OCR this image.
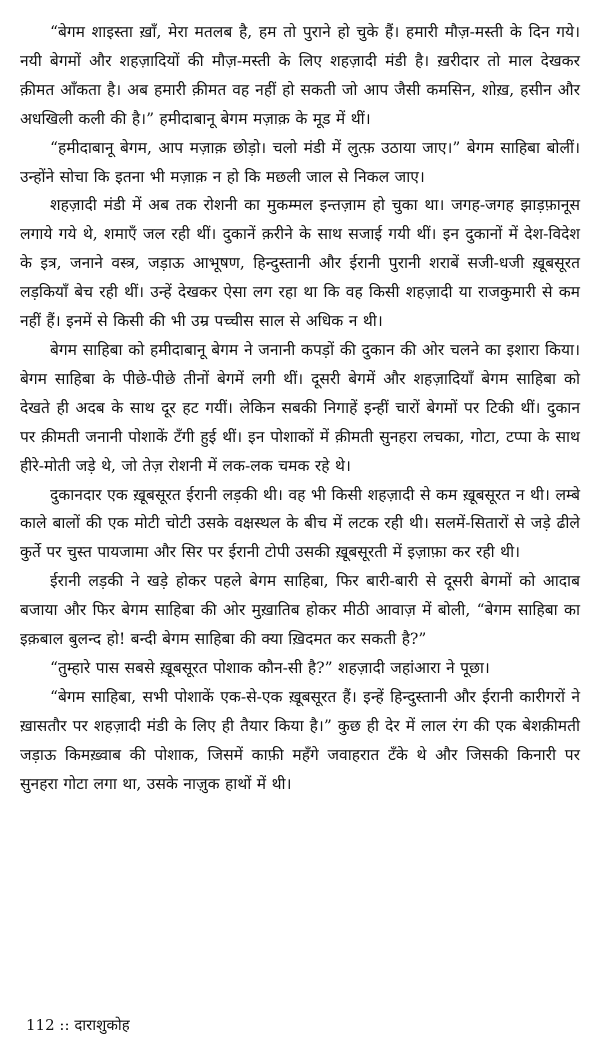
“बेगम शाइस्ता ख़ाँ, मेरा मतलब है, हम तो पुराने हो चुके हैं। हमारी मौज़-मस्ती के दिन गये। नयी बेगमों और शहज़ादियों की मौज़-मस्ती के लिए शहज़ादी मंडी है। ख़रीदार तो माल देखकर क़ीमत आँकता है। अब हमारी क़ीमत वह नहीं हो सकती जो आप जैसी कमसिन, शोख़, हसीन और अधखिली कली की है।” हमीदाबानू बेगम मज़ाक़ के मूड में थीं।

“हमीदाबानू बेगम, आप मज़ाक़ छोड़ो। चलो मंडी में लुत्फ़ उठाया जाए।” बेगम साहिबा बोलीं। उन्होंने सोचा कि इतना भी मज़ाक़ न हो कि मछली जाल से निकल जाए।

शहज़ादी मंडी में अब तक रोशनी का मुकम्मल इन्तज़ाम हो चुका था। जगह-जगह झाड़फ़ानूस लगाये गये थे, शमाएँ जल रही थीं। दुकानें क़रीने के साथ सजाई गयी थीं। इन दुकानों में देश-विदेश के इत्र, जनाने वस्त्र, जड़ाऊ आभूषण, हिन्दुस्तानी और ईरानी पुरानी शराबें सजी-धजी ख़ूबसूरत लड़कियाँ बेच रही थीं। उन्हें देखकर ऐसा लग रहा था कि वह किसी शहज़ादी या राजकुमारी से कम नहीं हैं। इनमें से किसी की भी उम्र पच्चीस साल से अधिक न थी।

बेगम साहिबा को हमीदाबानू बेगम ने जनानी कपड़ों की दुकान की ओर चलने का इशारा किया। बेगम साहिबा के पीछे-पीछे तीनों बेगमें लगी थीं। दूसरी बेगमें और शहज़ादियाँ बेगम साहिबा को देखते ही अदब के साथ दूर हट गयीं। लेकिन सबकी निगाहें इन्हीं चारों बेगमों पर टिकी थीं। दुकान पर क़ीमती जनानी पोशाकें टँगी हुई थीं। इन पोशाकों में क़ीमती सुनहरा लचका, गोटा, टप्पा के साथ हीरे-मोती जड़े थे, जो तेज़ रोशनी में लक-लक चमक रहे थे।

दुकानदार एक ख़ूबसूरत ईरानी लड़की थी। वह भी किसी शहज़ादी से कम ख़ूबसूरत न थी। लम्बे काले बालों की एक मोटी चोटी उसके वक्षस्थल के बीच में लटक रही थी। सलमें-सितारों से जड़े ढीले कुर्ते पर चुस्त पायजामा और सिर पर ईरानी टोपी उसकी ख़ूबसूरती में इज़ाफ़ा कर रही थी।

ईरानी लड़की ने खड़े होकर पहले बेगम साहिबा, फिर बारी-बारी से दूसरी बेगमों को आदाब बजाया और फिर बेगम साहिबा की ओर मुख़ातिब होकर मीठी आवाज़ में बोली, “बेगम साहिबा का इक़बाल बुलन्द हो! बन्दी बेगम साहिबा की क्या ख़िदमत कर सकती है?”

“तुम्हारे पास सबसे ख़ूबसूरत पोशाक कौन-सी है?” शहज़ादी जहांआरा ने पूछा।

“बेगम साहिबा, सभी पोशाकें एक-से-एक ख़ूबसूरत हैं। इन्हें हिन्दुस्तानी और ईरानी कारीगरों ने ख़ासतौर पर शहज़ादी मंडी के लिए ही तैयार किया है।” कुछ ही देर में लाल रंग की एक बेशक़ीमती जड़ाऊ किमख़्वाब की पोशाक, जिसमें काफ़ी महँगे जवाहरात टँके थे और जिसकी किनारी पर सुनहरा गोटा लगा था, उसके नाज़ुक हाथों में थी।

112 :: दाराशुकोह
